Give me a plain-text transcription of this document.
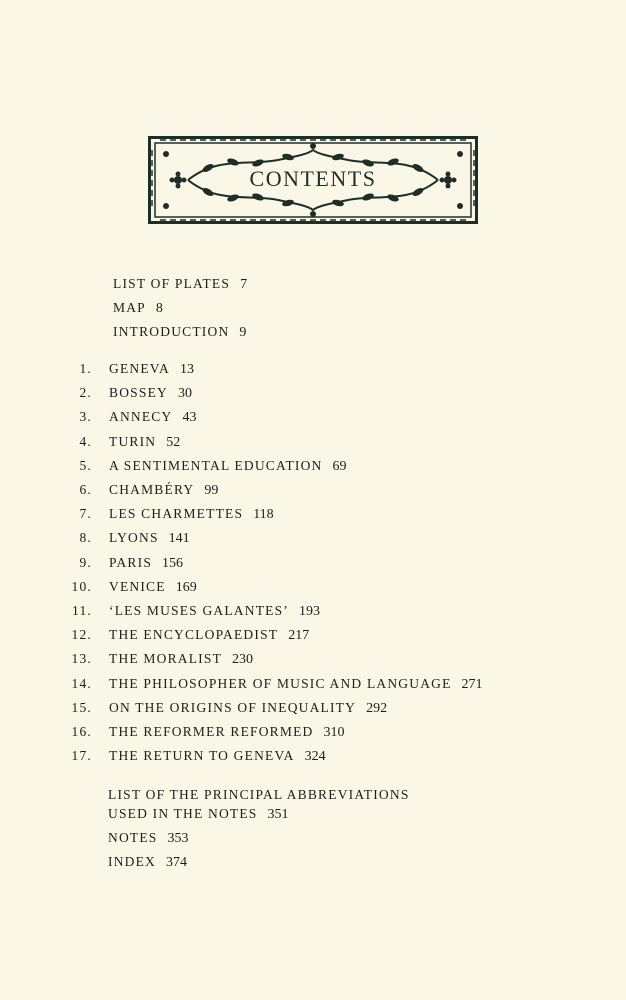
CONTENTS
LIST OF PLATES 7
MAP 8
INTRODUCTION 9
1. GENEVA 13
2. BOSSEY 30
3. ANNECY 43
4. TURIN 52
5. A SENTIMENTAL EDUCATION 69
6. CHAMBÉRY 99
7. LES CHARMETTES 118
8. LYONS 141
9. PARIS 156
10. VENICE 169
11. ‘LES MUSES GALANTES’ 193
12. THE ENCYCLOPAEDIST 217
13. THE MORALIST 230
14. THE PHILOSOPHER OF MUSIC AND LANGUAGE 271
15. ON THE ORIGINS OF INEQUALITY 292
16. THE REFORMER REFORMED 310
17. THE RETURN TO GENEVA 324
LIST OF THE PRINCIPAL ABBREVIATIONS
USED IN THE NOTES 351
NOTES 353
INDEX 374
